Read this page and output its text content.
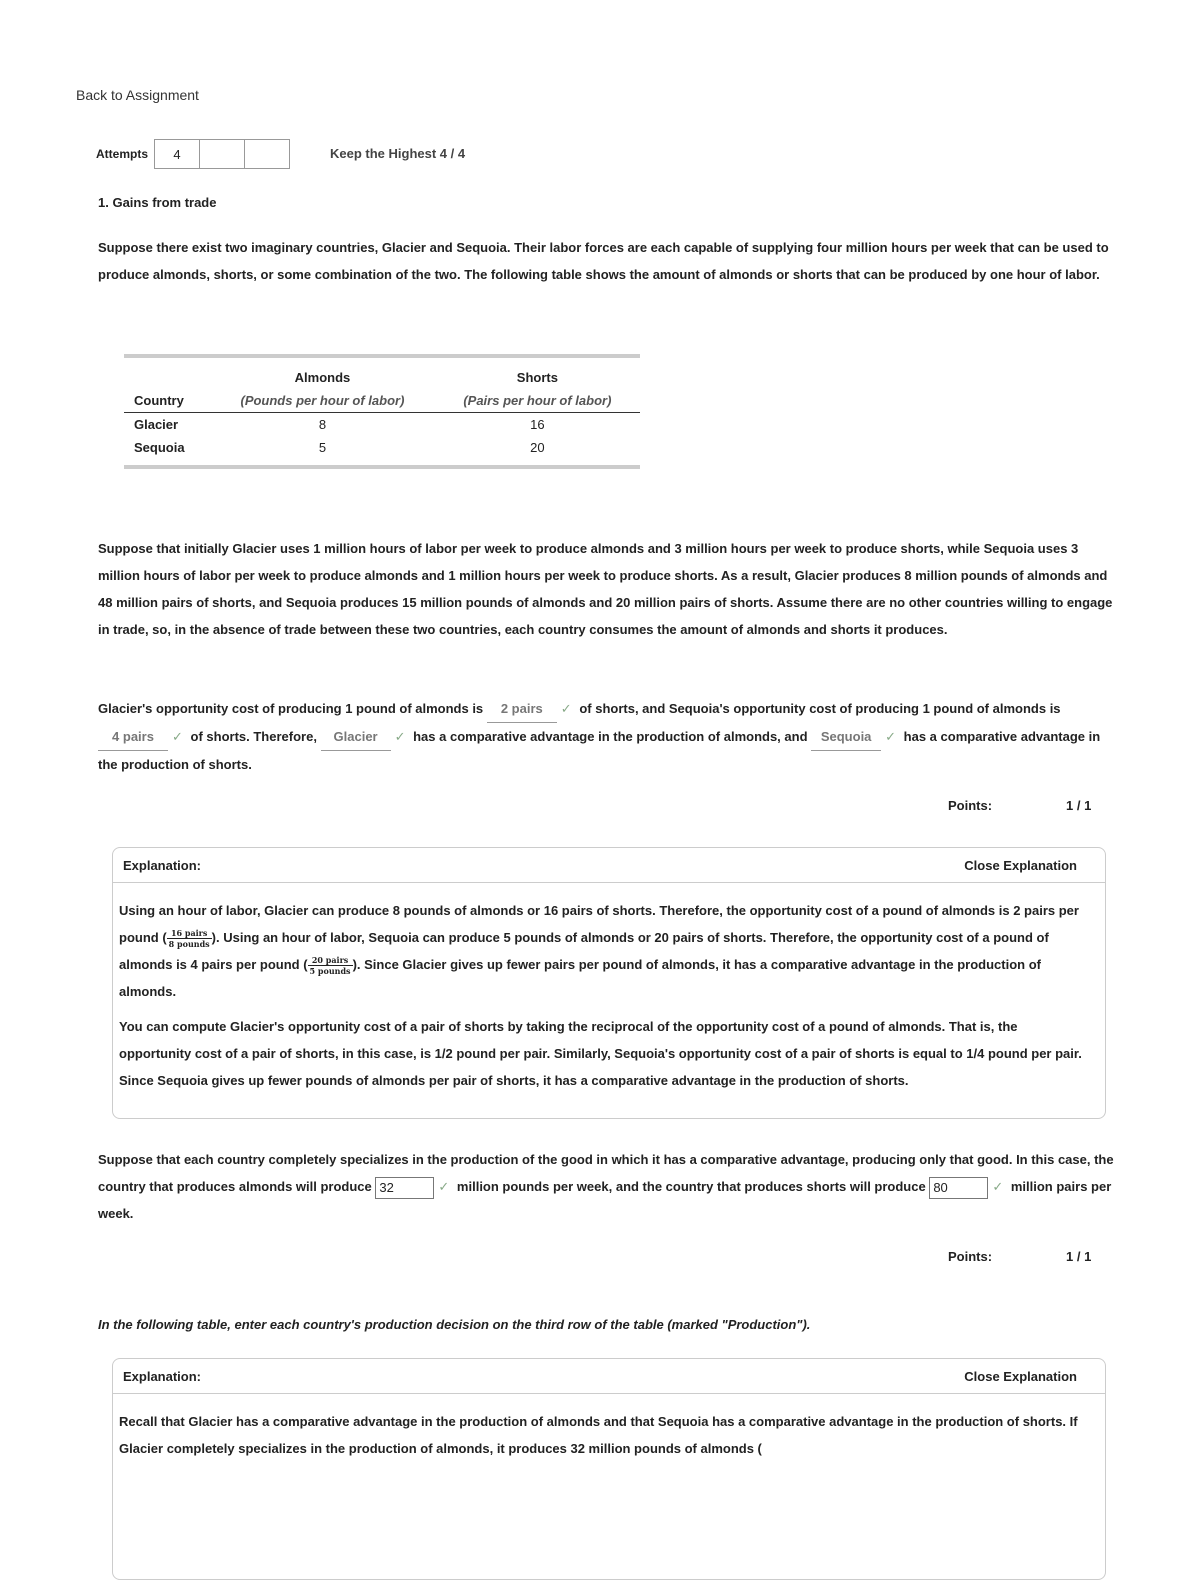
Back to Assignment
Attempts	4	Keep the Highest 4 / 4
1. Gains from trade
Suppose there exist two imaginary countries, Glacier and Sequoia. Their labor forces are each capable of supplying four million hours per week that can be used to produce almonds, shorts, or some combination of the two. The following table shows the amount of almonds or shorts that can be produced by one hour of labor.

	Almonds	Shorts
Country	(Pounds per hour of labor)	(Pairs per hour of labor)
Glacier	8	16
Sequoia	5	20

Suppose that initially Glacier uses 1 million hours of labor per week to produce almonds and 3 million hours per week to produce shorts, while Sequoia uses 3 million hours of labor per week to produce almonds and 1 million hours per week to produce shorts. As a result, Glacier produces 8 million pounds of almonds and 48 million pairs of shorts, and Sequoia produces 15 million pounds of almonds and 20 million pairs of shorts. Assume there are no other countries willing to engage in trade, so, in the absence of trade between these two countries, each country consumes the amount of almonds and shorts it produces.
Glacier's opportunity cost of producing 1 pound of almonds is 2 pairs ✓ of shorts, and Sequoia's opportunity cost of producing 1 pound of almonds is 4 pairs ✓ of shorts. Therefore, Glacier ✓ has a comparative advantage in the production of almonds, and Sequoia ✓ has a comparative advantage in the production of shorts.
Points:	1 / 1
Explanation:	Close Explanation

Using an hour of labor, Glacier can produce 8 pounds of almonds or 16 pairs of shorts. Therefore, the opportunity cost of a pound of almonds is 2 pairs per pound ( $\frac{\text{16 pairs}}{\text{8 pounds}}$ ). Using an hour of labor, Sequoia can produce 5 pounds of almonds or 20 pairs of shorts. Therefore, the opportunity cost of a pound of almonds is 4 pairs per pound ( $\frac{\text{20 pairs}}{\text{5 pounds}}$ ). Since Glacier gives up fewer pairs per pound of almonds, it has a comparative advantage in the production of almonds.

You can compute Glacier's opportunity cost of a pair of shorts by taking the reciprocal of the opportunity cost of a pound of almonds. That is, the opportunity cost of a pair of shorts, in this case, is 1/2 pound per pair. Similarly, Sequoia's opportunity cost of a pair of shorts is equal to 1/4 pound per pair. Since Sequoia gives up fewer pounds of almonds per pair of shorts, it has a comparative advantage in the production of shorts.

Suppose that each country completely specializes in the production of the good in which it has a comparative advantage, producing only that good. In this case, the country that produces almonds will produce 32	✓ million pounds per week, and the country that produces shorts will produce 80	✓ million pairs per week.
Points:	1 / 1
In the following table, enter each country's production decision on the third row of the table (marked "Production").
Explanation:	Close Explanation

Recall that Glacier has a comparative advantage in the production of almonds and that Sequoia has a comparative advantage in the production of shorts. If Glacier completely specializes in the production of almonds, it produces 32 million pounds of almonds (
